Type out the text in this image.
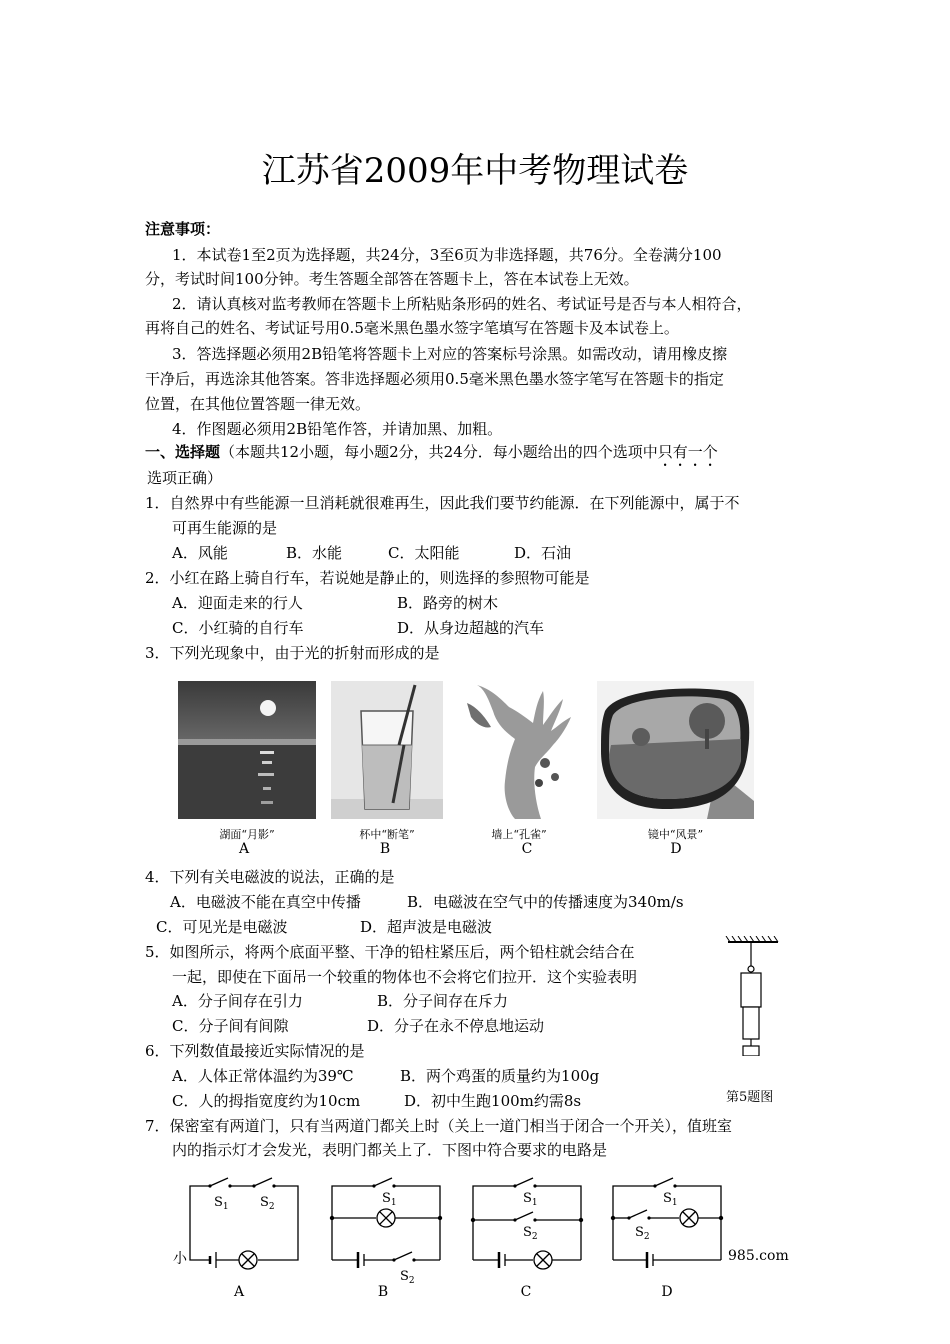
江苏省2009年中考物理试卷
注意事项：
1．本试卷1至2页为选择题，共24分，3至6页为非选择题，共76分。全卷满分100
分，考试时间100分钟。考生答题全部答在答题卡上，答在本试卷上无效。
2．请认真核对监考教师在答题卡上所粘贴条形码的姓名、考试证号是否与本人相符合，
再将自己的姓名、考试证号用0.5毫米黑色墨水签字笔填写在答题卡及本试卷上。
3．答选择题必须用2B铅笔将答题卡上对应的答案标号涂黑。如需改动，请用橡皮擦
干净后，再选涂其他答案。答非选择题必须用0.5毫米黑色墨水签字笔写在答题卡的指定
位置，在其他位置答题一律无效。
4．作图题必须用2B铅笔作答，并请加黑、加粗。
一、选择题（本题共12小题，每小题2分，共24分．每小题给出的四个选项中只有一个
选项正确）
1．自然界中有些能源一旦消耗就很难再生，因此我们要节约能源．在下列能源中，属于不
可再生能源的是
A．风能	B．水能	C．太阳能	D．石油
2．小红在路上骑自行车，若说她是静止的，则选择的参照物可能是
A．迎面走来的行人	B．路旁的树木
C．小红骑的自行车	D．从身边超越的汽车
3．下列光现象中，由于光的折射而形成的是
湖面“月影”	杯中“断笔”	墙上“孔雀”	镜中“风景”
A	B	C	D
4．下列有关电磁波的说法，正确的是
A．电磁波不能在真空中传播	B．电磁波在空气中的传播速度为340m/s
C．可见光是电磁波	D．超声波是电磁波
5．如图所示，将两个底面平整、干净的铅柱紧压后，两个铅柱就会结合在
一起，即使在下面吊一个较重的物体也不会将它们拉开．这个实验表明
A．分子间存在引力	B．分子间存在斥力
C．分子间有间隙	D．分子在永不停息地运动
第5题图
6．下列数值最接近实际情况的是
A．人体正常体温约为39℃	B．两个鸡蛋的质量约为100g
C．人的拇指宽度约为10cm	D．初中生跑100m约需8s
7．保密室有两道门，只有当两道门都关上时（关上一道门相当于闭合一个开关），值班室
内的指示灯才会发光，表明门都关上了．下图中符合要求的电路是
$S_1$ $S_2$
$S_1$
$S_2$
$S_1$
$S_2$
$S_1$
$S_2$
A	B	C	D
小	985.com
